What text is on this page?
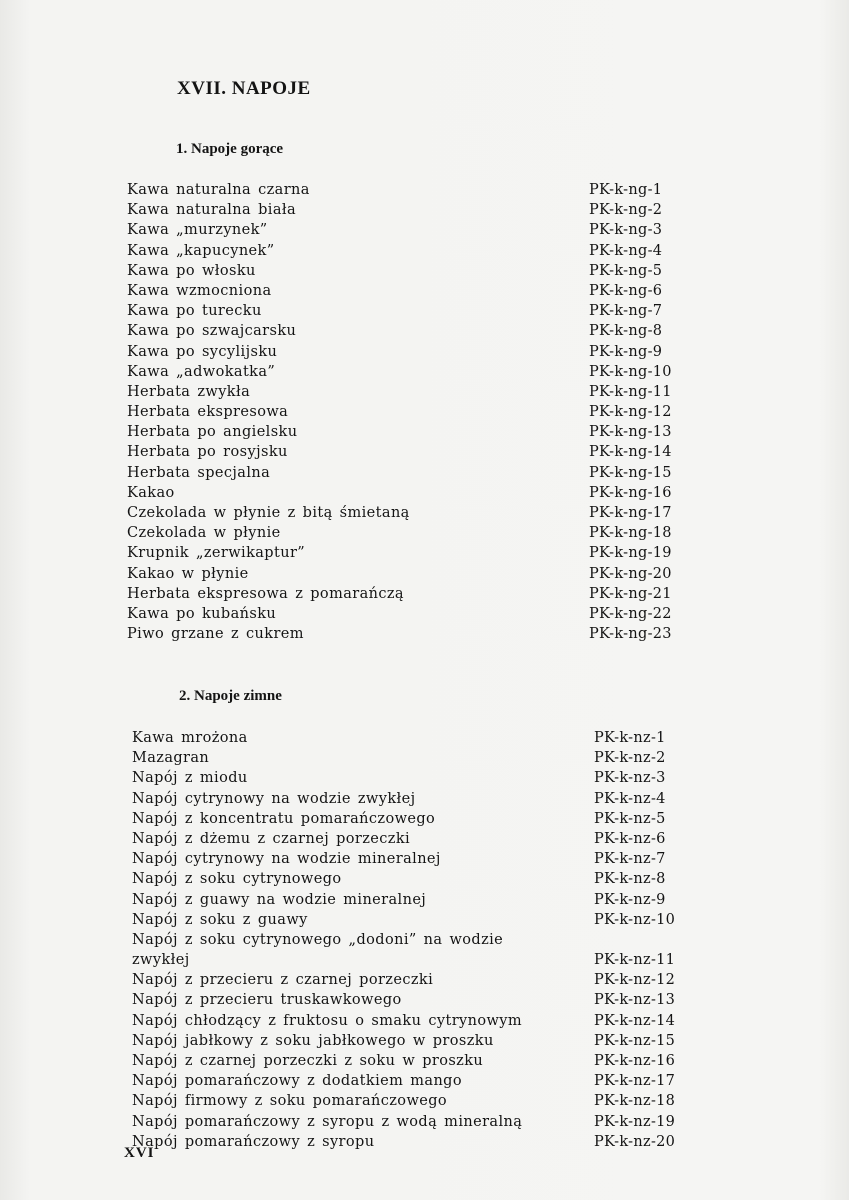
XVII. NAPOJE
1. Napoje gorące
Kawa naturalna czarna	PK-k-ng-1
Kawa naturalna biała	PK-k-ng-2
Kawa „murzynek”	PK-k-ng-3
Kawa „kapucynek”	PK-k-ng-4
Kawa po włosku	PK-k-ng-5
Kawa wzmocniona	PK-k-ng-6
Kawa po turecku	PK-k-ng-7
Kawa po szwajcarsku	PK-k-ng-8
Kawa po sycylijsku	PK-k-ng-9
Kawa „adwokatka”	PK-k-ng-10
Herbata zwykła	PK-k-ng-11
Herbata ekspresowa	PK-k-ng-12
Herbata po angielsku	PK-k-ng-13
Herbata po rosyjsku	PK-k-ng-14
Herbata specjalna	PK-k-ng-15
Kakao	PK-k-ng-16
Czekolada w płynie z bitą śmietaną	PK-k-ng-17
Czekolada w płynie	PK-k-ng-18
Krupnik „zerwikaptur”	PK-k-ng-19
Kakao w płynie	PK-k-ng-20
Herbata ekspresowa z pomarańczą	PK-k-ng-21
Kawa po kubańsku	PK-k-ng-22
Piwo grzane z cukrem	PK-k-ng-23
2. Napoje zimne
Kawa mrożona	PK-k-nz-1
Mazagran	PK-k-nz-2
Napój z miodu	PK-k-nz-3
Napój cytrynowy na wodzie zwykłej	PK-k-nz-4
Napój z koncentratu pomarańczowego	PK-k-nz-5
Napój z dżemu z czarnej porzeczki	PK-k-nz-6
Napój cytrynowy na wodzie mineralnej	PK-k-nz-7
Napój z soku cytrynowego	PK-k-nz-8
Napój z guawy na wodzie mineralnej	PK-k-nz-9
Napój z soku z guawy	PK-k-nz-10
Napój z soku cytrynowego „dodoni” na wodzie zwykłej	PK-k-nz-11
Napój z przecieru z czarnej porzeczki	PK-k-nz-12
Napój z przecieru truskawkowego	PK-k-nz-13
Napój chłodzący z fruktosu o smaku cytrynowym	PK-k-nz-14
Napój jabłkowy z soku jabłkowego w proszku	PK-k-nz-15
Napój z czarnej porzeczki z soku w proszku	PK-k-nz-16
Napój pomarańczowy z dodatkiem mango	PK-k-nz-17
Napój firmowy z soku pomarańczowego	PK-k-nz-18
Napój pomarańczowy z syropu z wodą mineralną	PK-k-nz-19
Napój pomarańczowy z syropu	PK-k-nz-20
XVI
